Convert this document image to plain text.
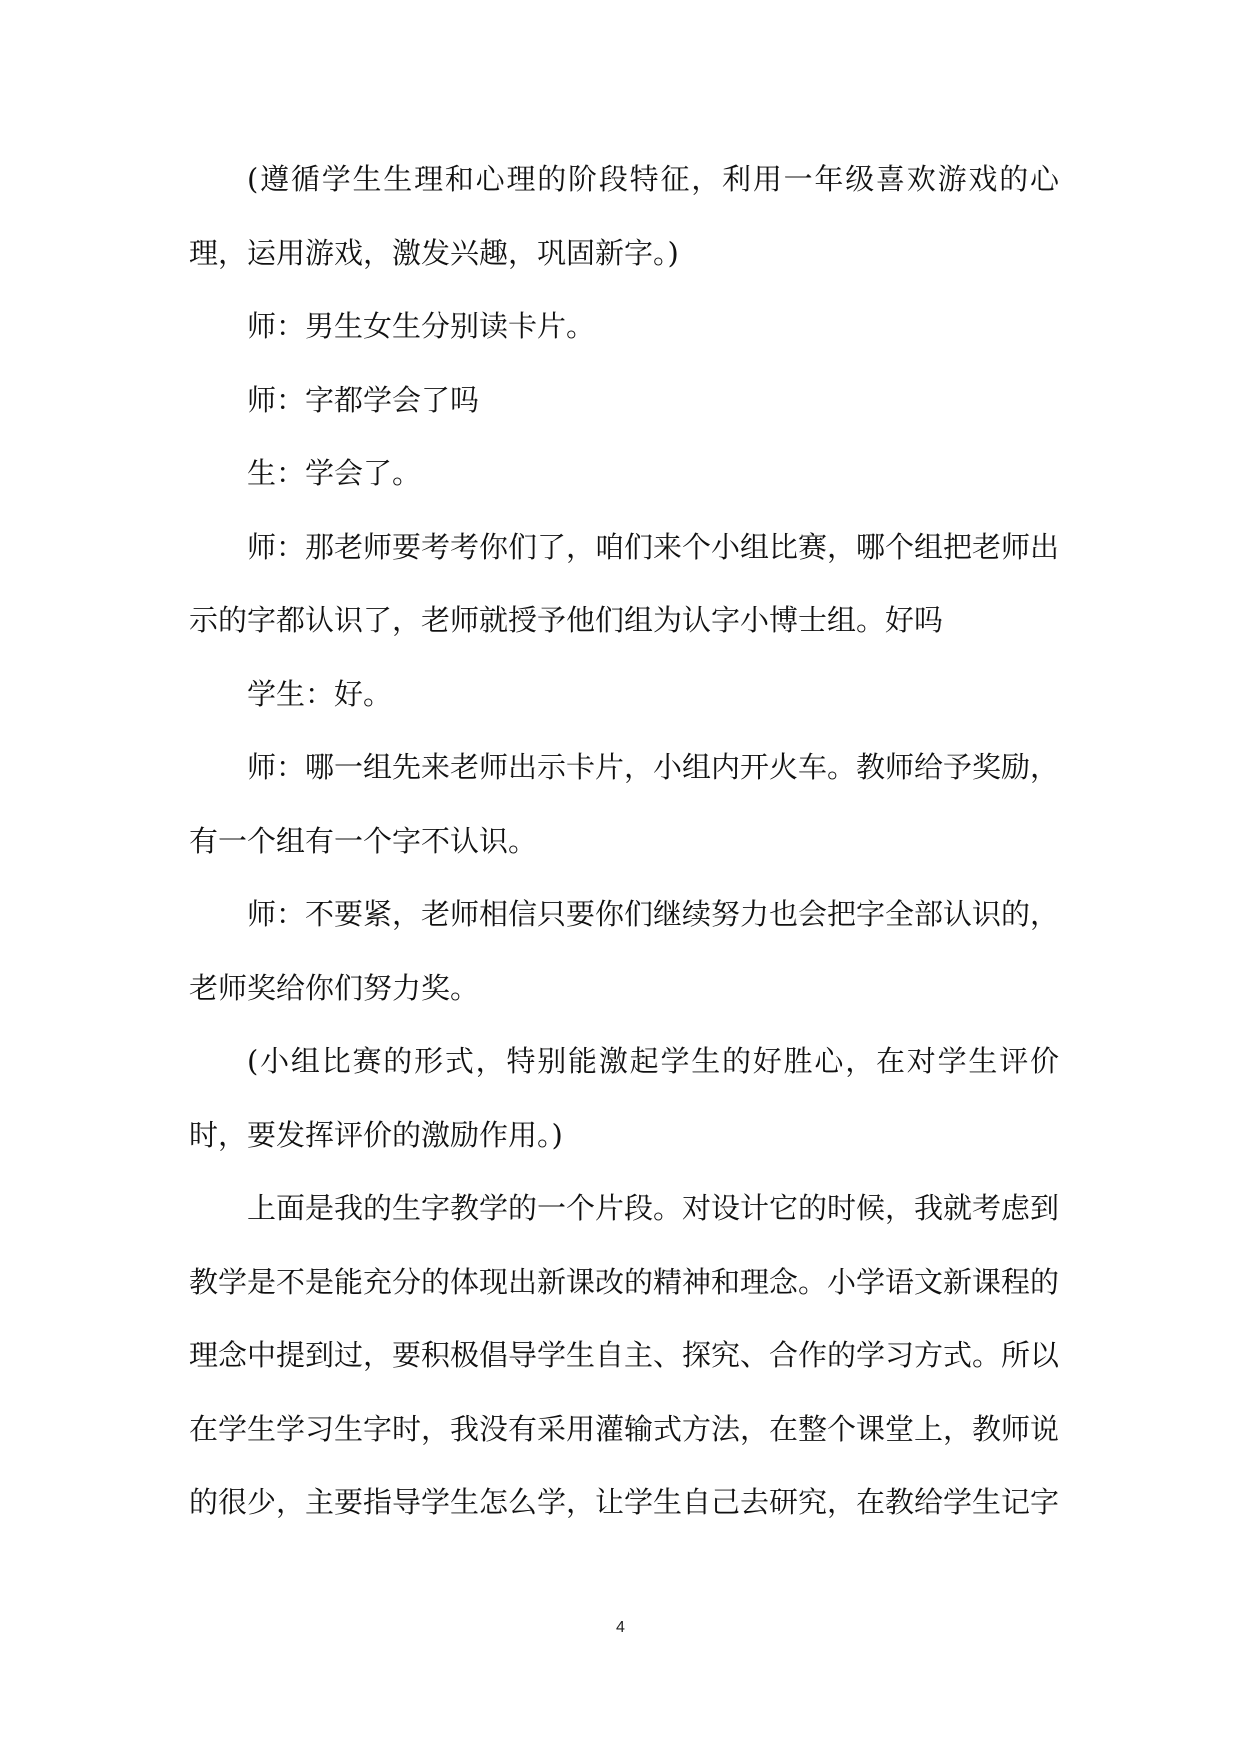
(遵循学生生理和心理的阶段特征，利用一年级喜欢游戏的心理，运用游戏，激发兴趣，巩固新字。)

师：男生女生分别读卡片。

师：字都学会了吗

生：学会了。

师：那老师要考考你们了，咱们来个小组比赛，哪个组把老师出示的字都认识了，老师就授予他们组为认字小博士组。好吗

学生：好。

师：哪一组先来老师出示卡片，小组内开火车。教师给予奖励，有一个组有一个字不认识。

师：不要紧，老师相信只要你们继续努力也会把字全部认识的，老师奖给你们努力奖。

(小组比赛的形式，特别能激起学生的好胜心，在对学生评价时，要发挥评价的激励作用。)

上面是我的生字教学的一个片段。对设计它的时候，我就考虑到教学是不是能充分的体现出新课改的精神和理念。小学语文新课程的理念中提到过，要积极倡导学生自主、探究、合作的学习方式。所以在学生学习生字时，我没有采用灌输式方法，在整个课堂上，教师说的很少，主要指导学生怎么学，让学生自己去研究，在教给学生记字

4
